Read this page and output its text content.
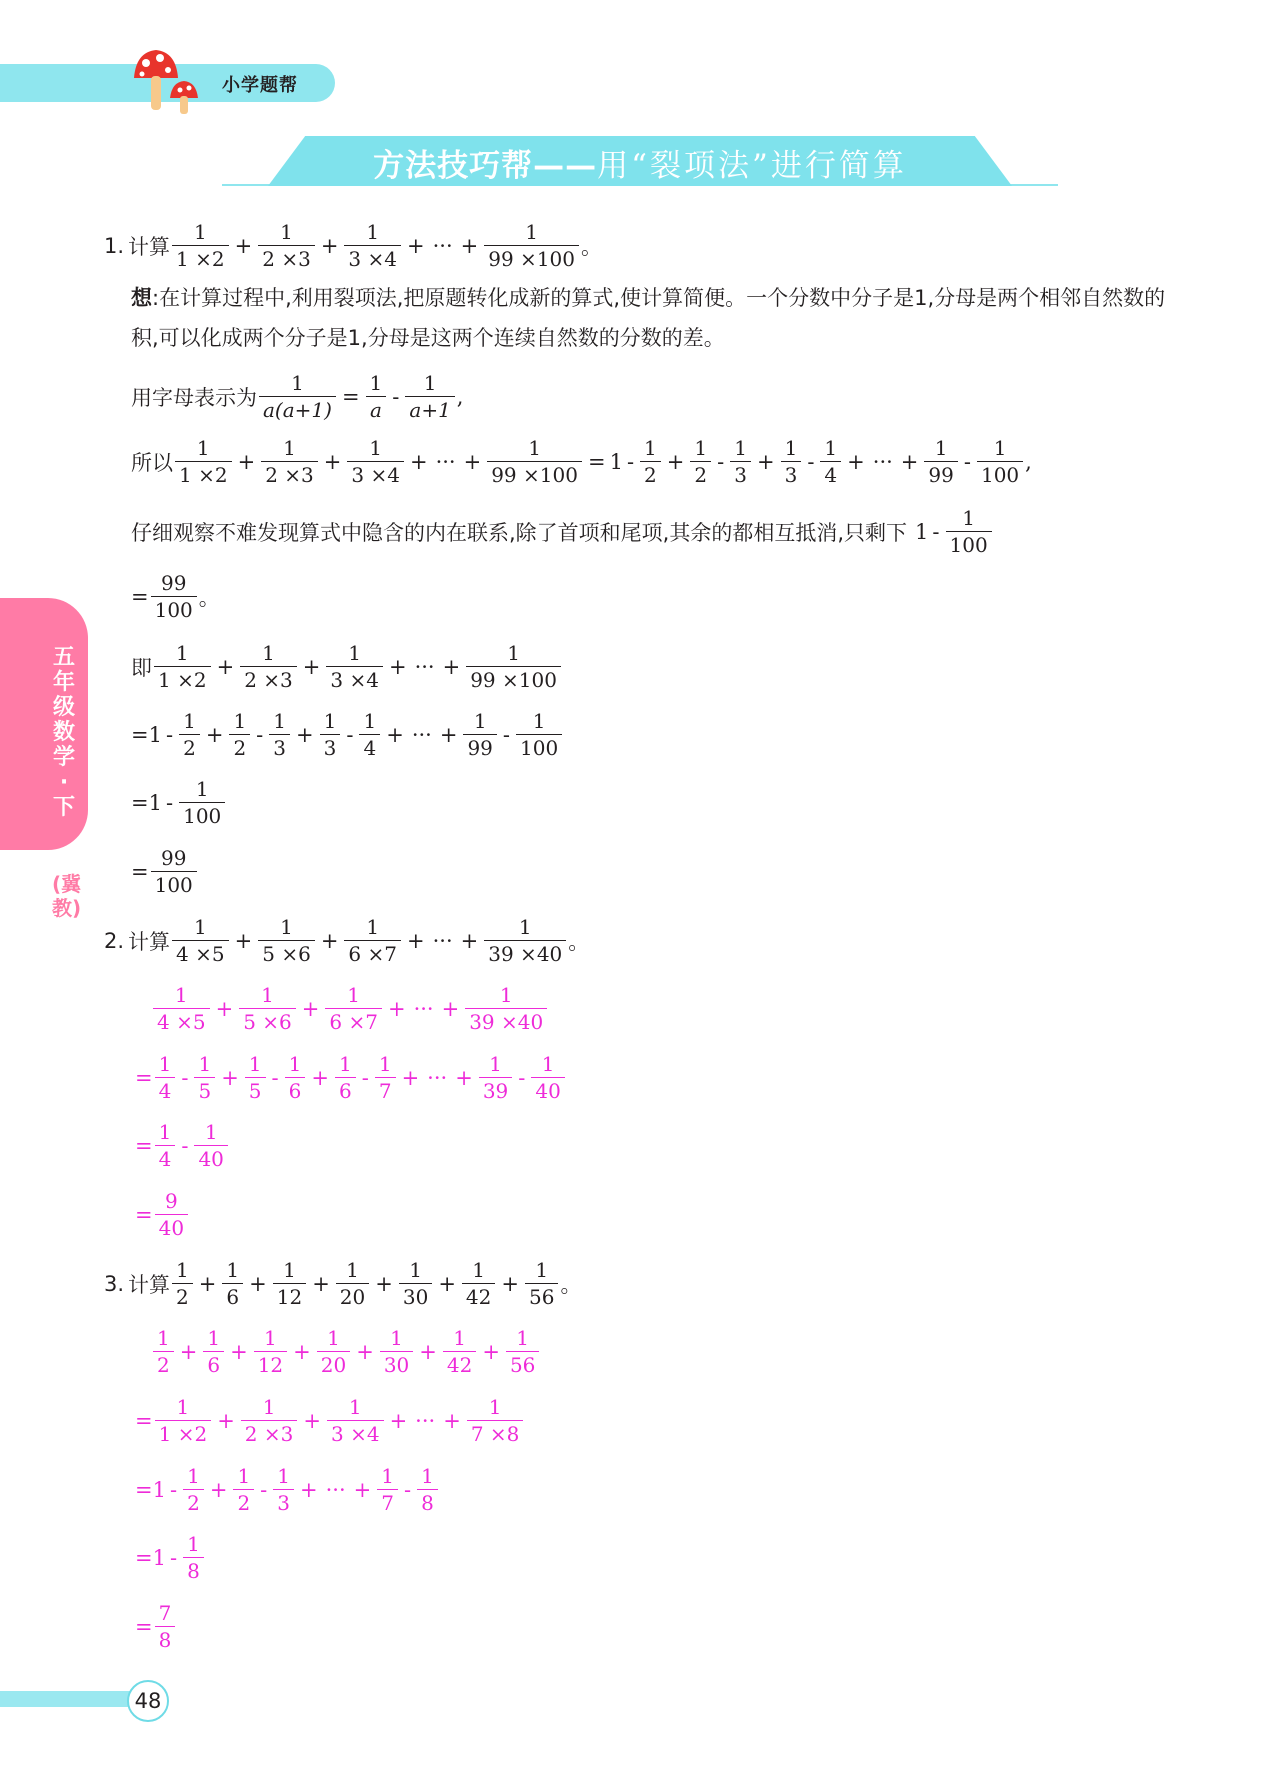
小学题帮
方法技巧帮——用“裂项法”进行简算
五年级数学·下
(冀教)
1. 计算
1
1 ×2
+ $\frac{1}{2 \times 3} + \frac{1}{3 \times 4}$ + ··· + $\frac{1}{99 \times 100}$ 。
想:在计算过程中,利用裂项法,把原题转化成新的算式,使计算简便。一个分数中分子是1,分母是两个相邻自然数的积,可以化成两个分子是1,分母是这两个连续自然数的分数的差。
用字母表示为 $\frac{1}{a(a+1)} = \frac{1}{a}$ -
1
a+1
,
所以
1
1 ×2
+ $\frac{1}{2 \times 3} + \frac{1}{3 \times 4}$ + ··· + $\frac{1}{99 \times 100} = 1$ -
1
2
+ $\frac{1}{2}$ -
1
3
+ $\frac{1}{3}$ -
1
4
+ ··· + $\frac{1}{99}$ -
1
100
,
仔细观察不难发现算式中隐含的内在联系,除了首项和尾项,其余的都相互抵消,只剩下 1 -
1
100
= $\frac{99}{100}$ 。
即
1
1 ×2
+ $\frac{1}{2 \times 3} + \frac{1}{3 \times 4}$ + ··· + $\frac{1}{99 \times 100}$
= 1 -
1
2
+ $\frac{1}{2}$ -
1
3
+ $\frac{1}{3}$ -
1
4
+ ··· + $\frac{1}{99}$ -
1
100
= 1 -
1
100
= $\frac{99}{100}$
2. 计算
1
4 ×5
+ $\frac{1}{5 \times 6} + \frac{1}{6 \times 7}$ + ··· + $\frac{1}{39 \times 40}$ 。
1
4 ×5
+ $\frac{1}{5 \times 6} + \frac{1}{6 \times 7}$ + ··· + $\frac{1}{39 \times 40}$
= $\frac{1}{4}$ -
1
5
+ $\frac{1}{5}$ -
1
6
+ $\frac{1}{6}$ -
1
7
+ ··· + $\frac{1}{39}$ -
1
40
= $\frac{1}{4}$ -
1
40
= $\frac{9}{40}$
3. 计算
1
2
+ $\frac{1}{6} + \frac{1}{12} + \frac{1}{20} + \frac{1}{30} + \frac{1}{42} + \frac{1}{56}$ 。
1
2
+ $\frac{1}{6} + \frac{1}{12} + \frac{1}{20} + \frac{1}{30} + \frac{1}{42} + \frac{1}{56}$
= $\frac{1}{1 \times 2} + \frac{1}{2 \times 3} + \frac{1}{3 \times 4}$ + ··· + $\frac{1}{7 \times 8}$
= 1 -
1
2
+ $\frac{1}{2}$ -
1
3
+ ··· + $\frac{1}{7}$ -
1
8
= 1 -
1
8
= $\frac{7}{8}$
48
